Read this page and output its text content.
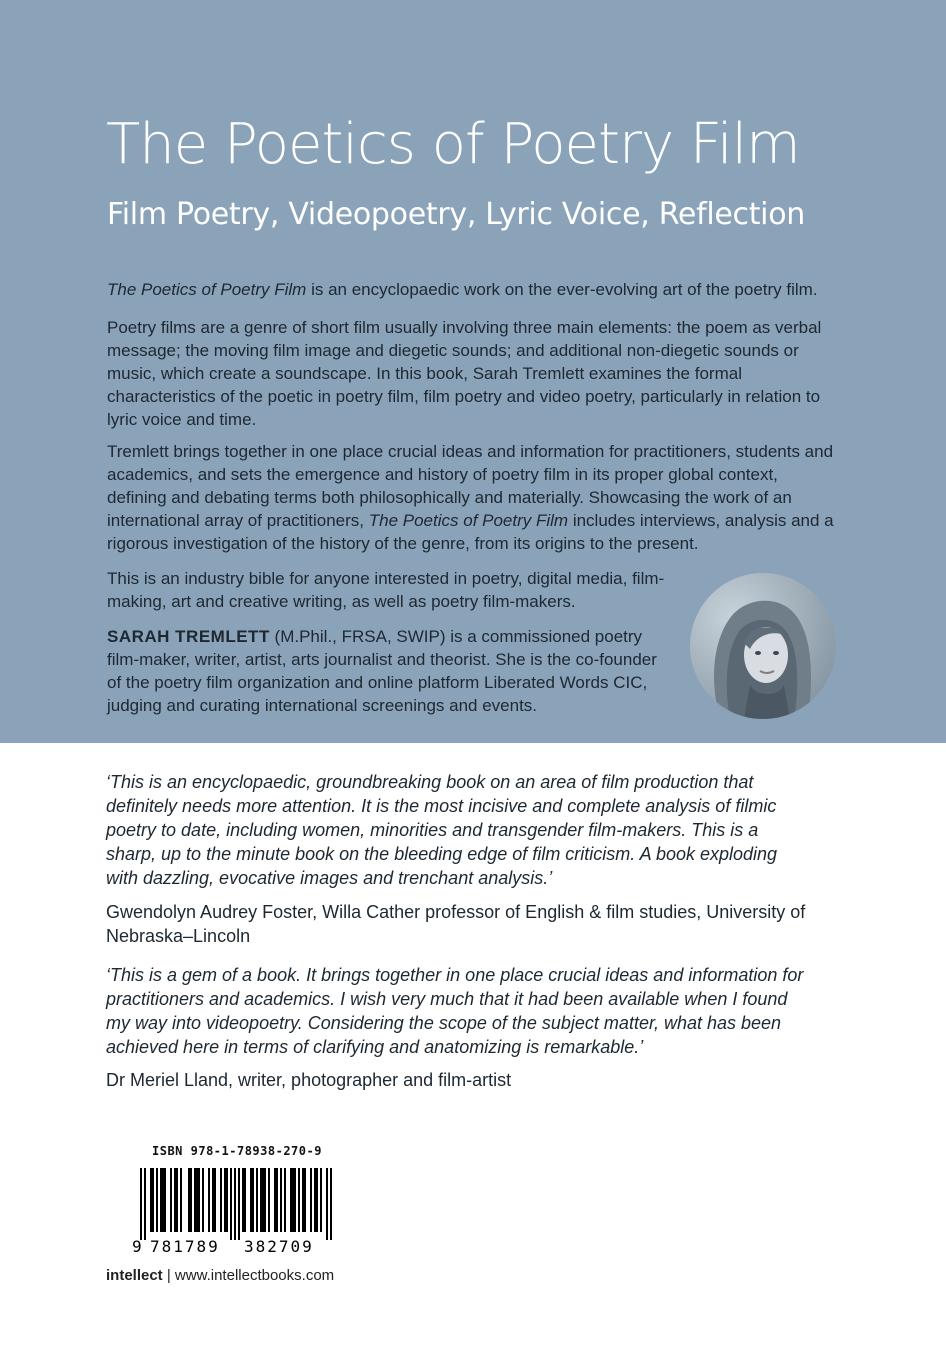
The Poetics of Poetry Film
Film Poetry, Videopoetry, Lyric Voice, Reflection
The Poetics of Poetry Film is an encyclopaedic work on the ever-evolving art of the poetry film.
Poetry films are a genre of short film usually involving three main elements: the poem as verbal message; the moving film image and diegetic sounds; and additional non-diegetic sounds or music, which create a soundscape. In this book, Sarah Tremlett examines the formal characteristics of the poetic in poetry film, film poetry and video poetry, particularly in relation to lyric voice and time.
Tremlett brings together in one place crucial ideas and information for practitioners, students and academics, and sets the emergence and history of poetry film in its proper global context, defining and debating terms both philosophically and materially. Showcasing the work of an international array of practitioners, The Poetics of Poetry Film includes interviews, analysis and a rigorous investigation of the history of the genre, from its origins to the present.
This is an industry bible for anyone interested in poetry, digital media, film-making, art and creative writing, as well as poetry film-makers.
SARAH TREMLETT (M.Phil., FRSA, SWIP) is a commissioned poetry film-maker, writer, artist, arts journalist and theorist. She is the co-founder of the poetry film organization and online platform Liberated Words CIC, judging and curating international screenings and events.
‘This is an encyclopaedic, groundbreaking book on an area of film production that definitely needs more attention. It is the most incisive and complete analysis of filmic poetry to date, including women, minorities and transgender film-makers. This is a sharp, up to the minute book on the bleeding edge of film criticism. A book exploding with dazzling, evocative images and trenchant analysis.’
Gwendolyn Audrey Foster, Willa Cather professor of English & film studies, University of Nebraska–Lincoln
‘This is a gem of a book. It brings together in one place crucial ideas and information for practitioners and academics. I wish very much that it had been available when I found my way into videopoetry. Considering the scope of the subject matter, what has been achieved here in terms of clarifying and anatomizing is remarkable.’
Dr Meriel Lland, writer, photographer and film-artist
ISBN 978-1-78938-270-9
9 781789 382709
intellect | www.intellectbooks.com
